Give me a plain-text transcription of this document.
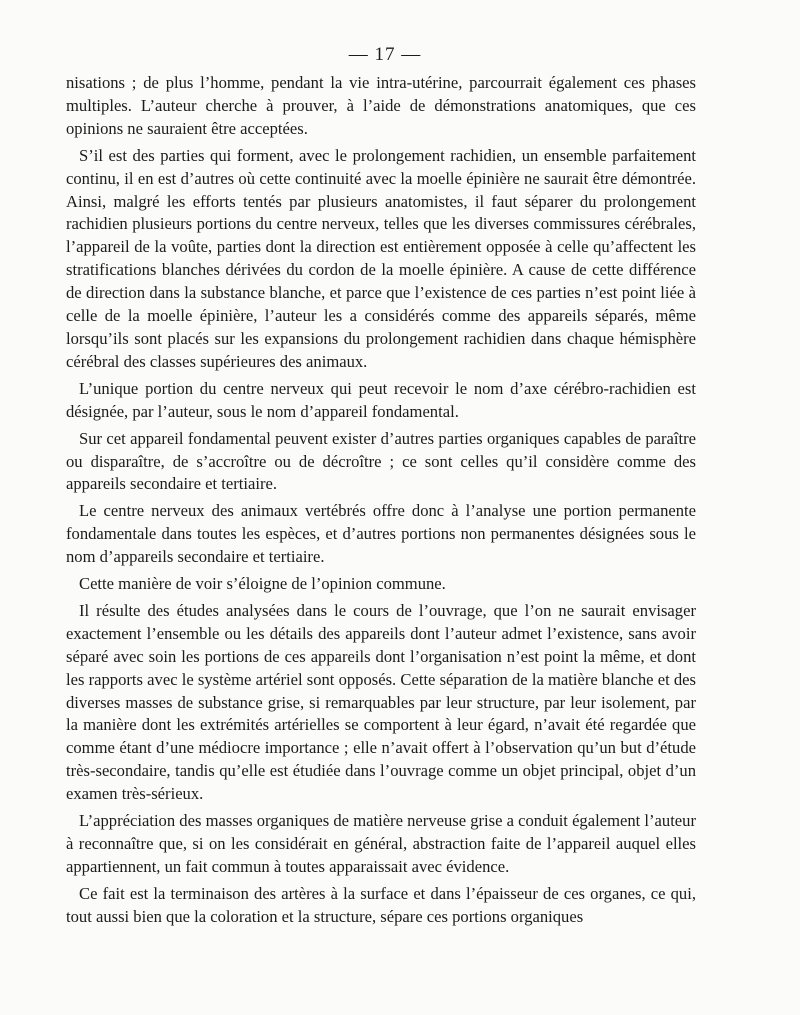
— 17 —

nisations ; de plus l’homme, pendant la vie intra-utérine, parcourrait également ces phases multiples. L’auteur cherche à prouver, à l’aide de démonstrations anatomiques, que ces opinions ne sauraient être acceptées.

S’il est des parties qui forment, avec le prolongement rachidien, un ensemble parfaitement continu, il en est d’autres où cette continuité avec la moelle épinière ne saurait être démontrée. Ainsi, malgré les efforts tentés par plusieurs anatomistes, il faut séparer du prolongement rachidien plusieurs portions du centre nerveux, telles que les diverses commissures cérébrales, l’appareil de la voûte, parties dont la direction est entièrement opposée à celle qu’affectent les stratifications blanches dérivées du cordon de la moelle épinière. A cause de cette différence de direction dans la substance blanche, et parce que l’existence de ces parties n’est point liée à celle de la moelle épinière, l’auteur les a considérés comme des appareils séparés, même lorsqu’ils sont placés sur les expansions du prolongement rachidien dans chaque hémisphère cérébral des classes supérieures des animaux.

L’unique portion du centre nerveux qui peut recevoir le nom d’axe cérébro-rachidien est désignée, par l’auteur, sous le nom d’appareil fondamental.

Sur cet appareil fondamental peuvent exister d’autres parties organiques capables de paraître ou disparaître, de s’accroître ou de décroître ; ce sont celles qu’il considère comme des appareils secondaire et tertiaire.

Le centre nerveux des animaux vertébrés offre donc à l’analyse une portion permanente fondamentale dans toutes les espèces, et d’autres portions non permanentes désignées sous le nom d’appareils secondaire et tertiaire.

Cette manière de voir s’éloigne de l’opinion commune.

Il résulte des études analysées dans le cours de l’ouvrage, que l’on ne saurait envisager exactement l’ensemble ou les détails des appareils dont l’auteur admet l’existence, sans avoir séparé avec soin les portions de ces appareils dont l’organisation n’est point la même, et dont les rapports avec le système artériel sont opposés. Cette séparation de la matière blanche et des diverses masses de substance grise, si remarquables par leur structure, par leur isolement, par la manière dont les extrémités artérielles se comportent à leur égard, n’avait été regardée que comme étant d’une médiocre importance ; elle n’avait offert à l’observation qu’un but d’étude très-secondaire, tandis qu’elle est étudiée dans l’ouvrage comme un objet principal, objet d’un examen très-sérieux.

L’appréciation des masses organiques de matière nerveuse grise a conduit également l’auteur à reconnaître que, si on les considérait en général, abstraction faite de l’appareil auquel elles appartiennent, un fait commun à toutes apparaissait avec évidence.

Ce fait est la terminaison des artères à la surface et dans l’épaisseur de ces organes, ce qui, tout aussi bien que la coloration et la structure, sépare ces portions organiques
